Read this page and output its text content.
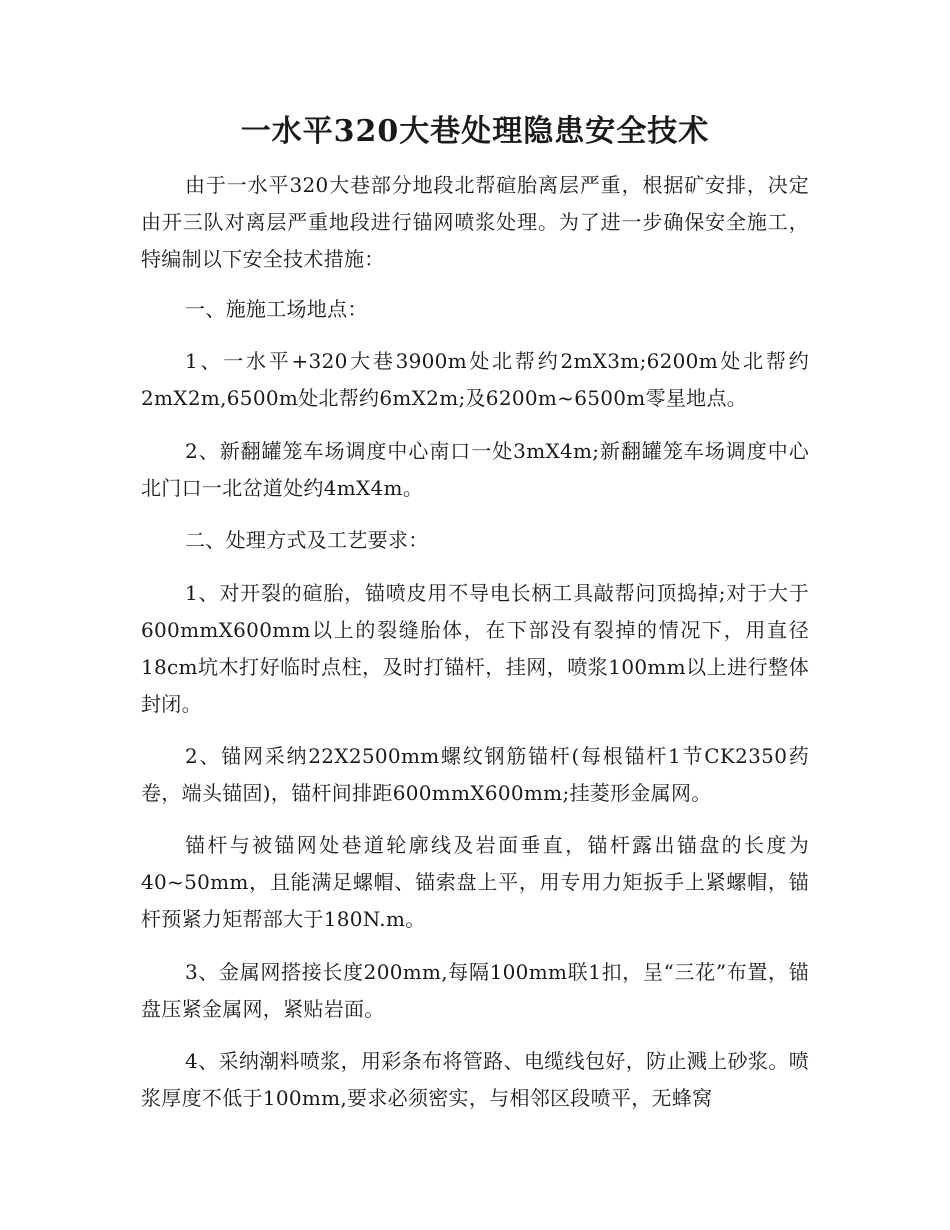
一水平320大巷处理隐患安全技术

由于一水平320大巷部分地段北帮碹胎离层严重，根据矿安排，决定由开三队对离层严重地段进行锚网喷浆处理。为了进一步确保安全施工，特编制以下安全技术措施：

一、施施工场地点：

1、一水平+320大巷3900m处北帮约2mX3m;6200m处北帮约2mX2m,6500m处北帮约6mX2m;及6200m~6500m零星地点。

2、新翻罐笼车场调度中心南口一处3mX4m;新翻罐笼车场调度中心北门口一北岔道处约4mX4m。

二、处理方式及工艺要求：

1、对开裂的碹胎，锚喷皮用不导电长柄工具敲帮问顶捣掉;对于大于600mmX600mm以上的裂缝胎体，在下部没有裂掉的情况下，用直径18cm坑木打好临时点柱，及时打锚杆，挂网，喷浆100mm以上进行整体封闭。

2、锚网采纳22X2500mm螺纹钢筋锚杆(每根锚杆1节CK2350药卷，端头锚固)，锚杆间排距600mmX600mm;挂菱形金属网。

锚杆与被锚网处巷道轮廓线及岩面垂直，锚杆露出锚盘的长度为40~50mm，且能满足螺帽、锚索盘上平，用专用力矩扳手上紧螺帽，锚杆预紧力矩帮部大于180N.m。

3、金属网搭接长度200mm,每隔100mm联1扣，呈“三花”布置，锚盘压紧金属网，紧贴岩面。

4、采纳潮料喷浆，用彩条布将管路、电缆线包好，防止溅上砂浆。喷浆厚度不低于100mm,要求必须密实，与相邻区段喷平，无蜂窝
